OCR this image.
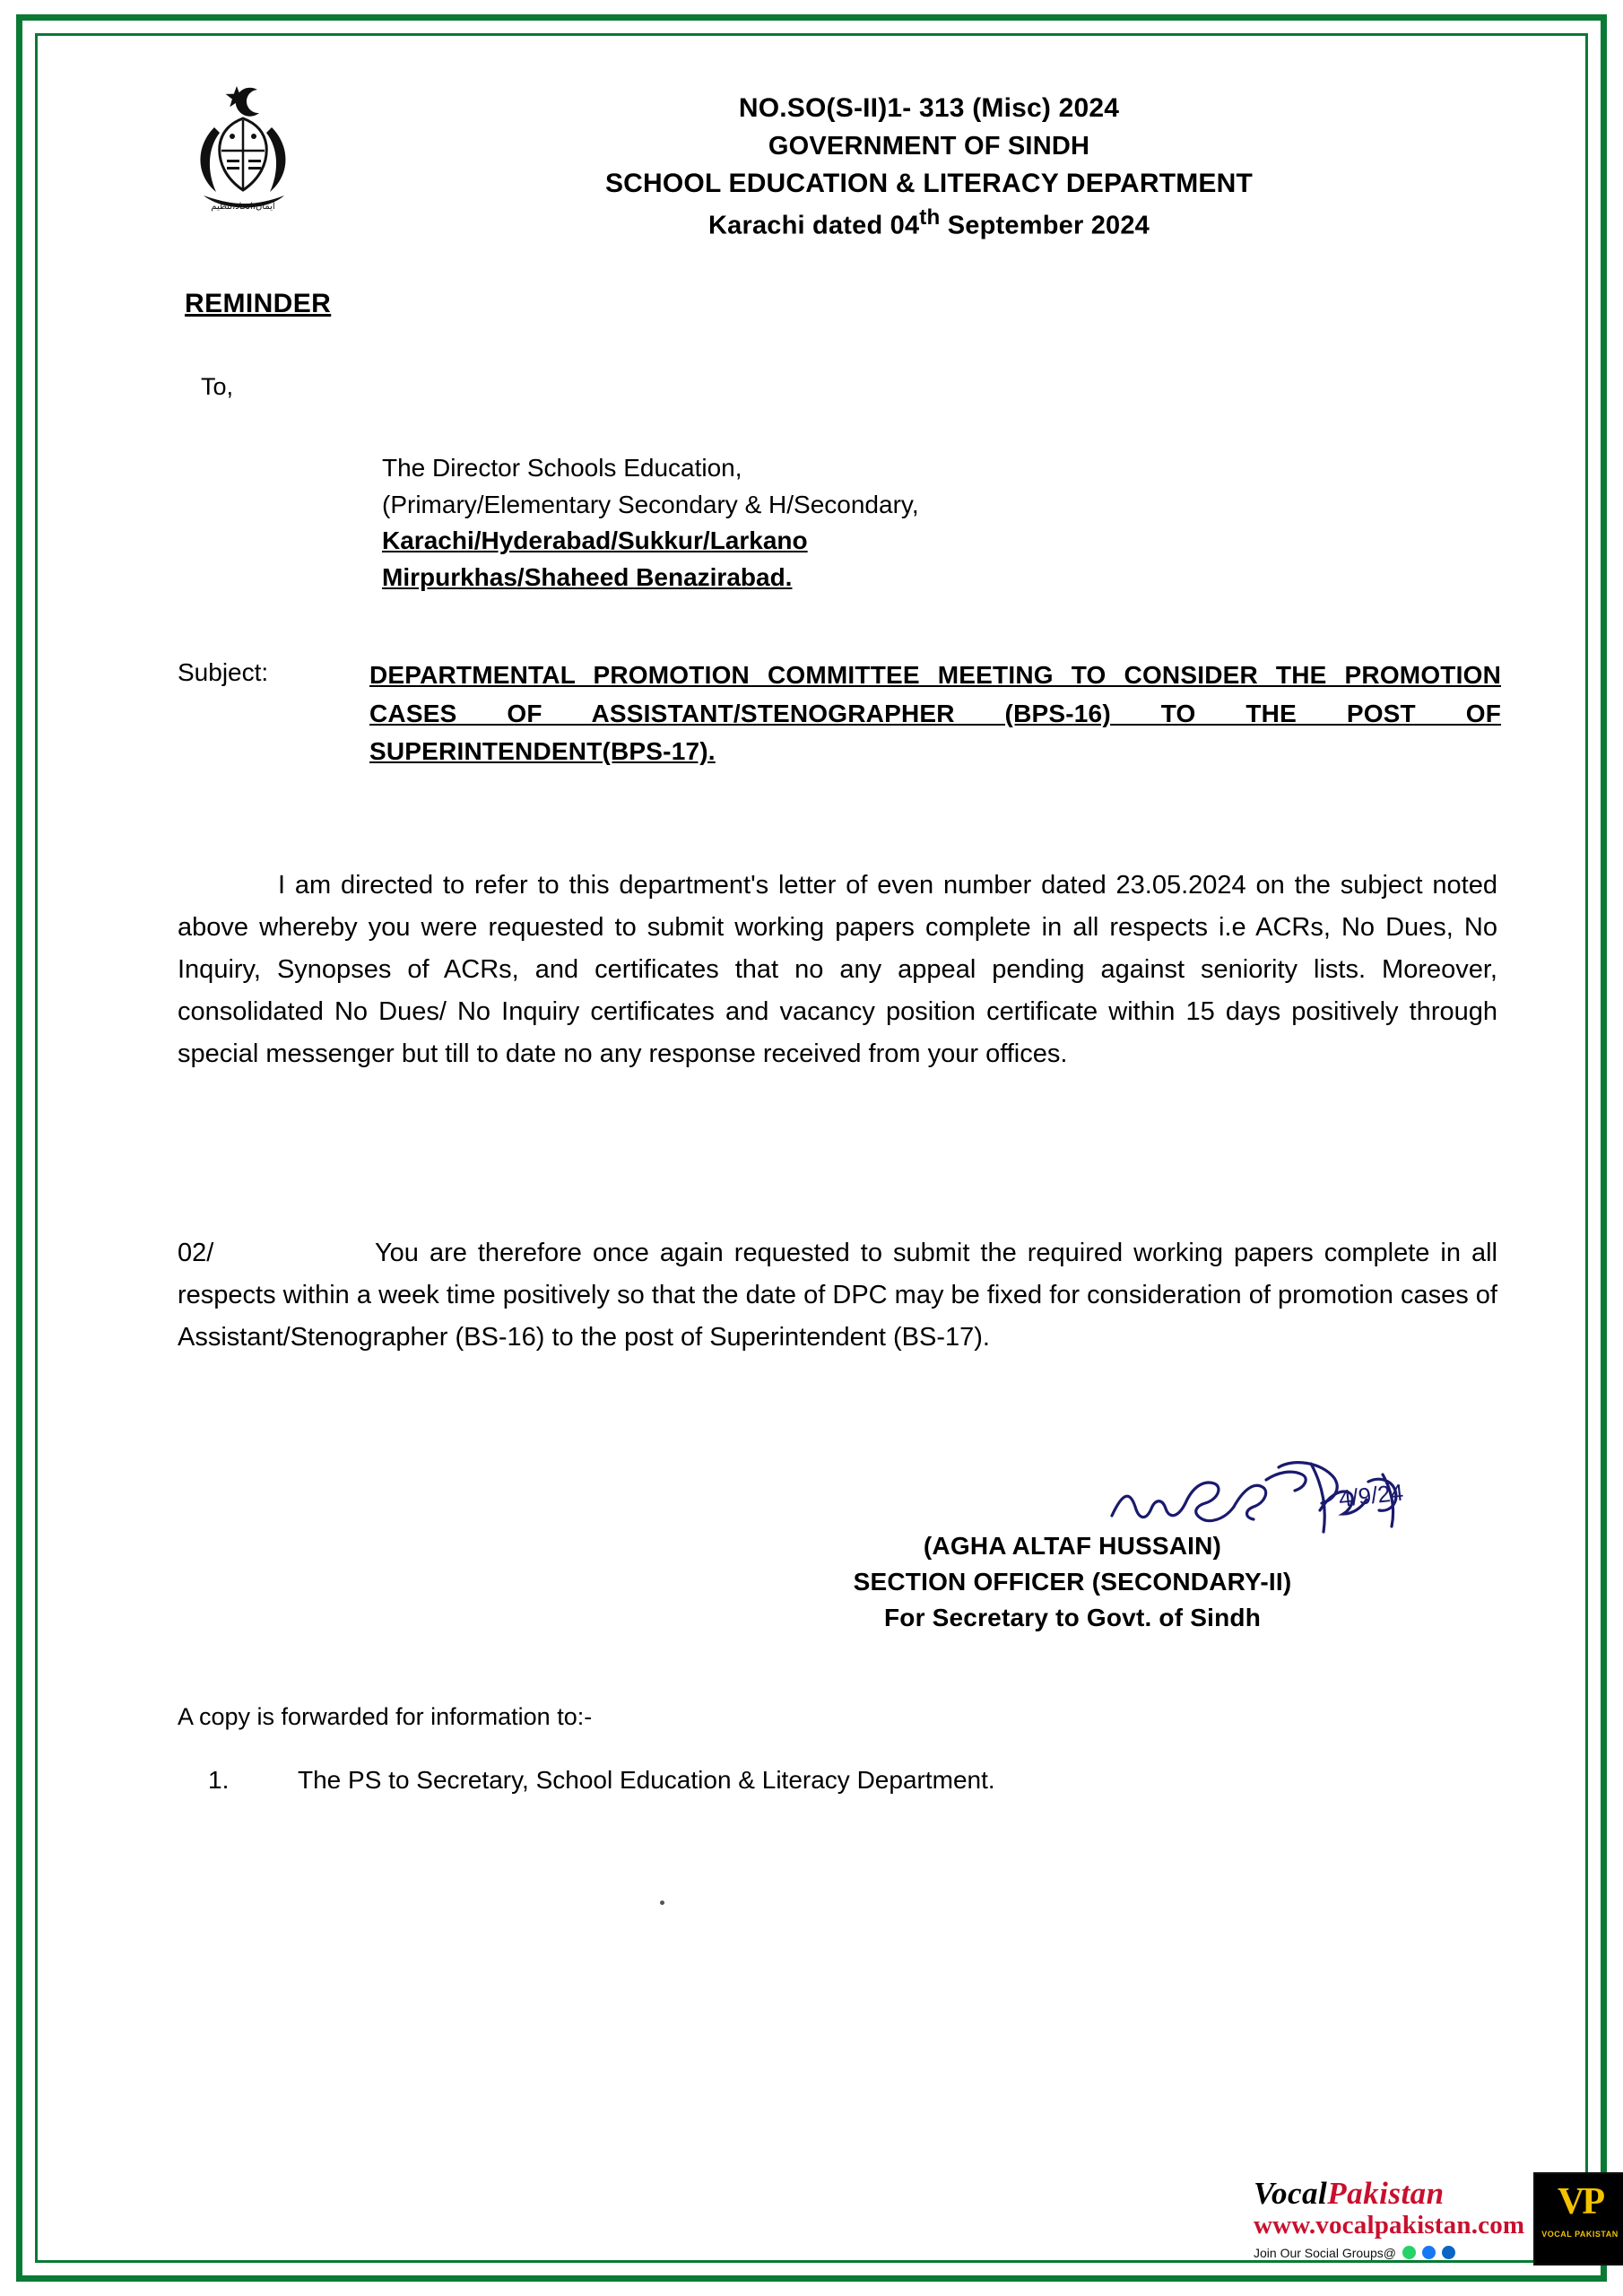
ایمان،اتحاد،تنظیم
NO.SO(S-II)1- 313 (Misc) 2024
GOVERNMENT OF SINDH
SCHOOL EDUCATION & LITERACY DEPARTMENT
Karachi dated 04th September 2024
REMINDER
To,
The Director Schools Education,
(Primary/Elementary Secondary & H/Secondary,
Karachi/Hyderabad/Sukkur/Larkano
Mirpurkhas/Shaheed Benazirabad.
Subject:	DEPARTMENTAL PROMOTION COMMITTEE MEETING TO CONSIDER THE PROMOTION CASES OF ASSISTANT/STENOGRAPHER (BPS-16) TO THE POST OF SUPERINTENDENT(BPS-17).
I am directed to refer to this department's letter of even number dated 23.05.2024 on the subject noted above whereby you were requested to submit working papers complete in all respects i.e ACRs, No Dues, No Inquiry, Synopses of ACRs, and certificates that no any appeal pending against seniority lists. Moreover, consolidated No Dues/ No Inquiry certificates and vacancy position certificate within 15 days positively through special messenger but till to date no any response received from your offices.
02/	You are therefore once again requested to submit the required working papers complete in all respects within a week time positively so that the date of DPC may be fixed for consideration of promotion cases of Assistant/Stenographer (BS-16) to the post of Superintendent (BS-17).
4/9/24
(AGHA ALTAF HUSSAIN)
SECTION OFFICER (SECONDARY-II)
For Secretary to Govt. of Sindh
A copy is forwarded for information to:-
1.	The PS to Secretary, School Education & Literacy Department.
VocalPakistan
www.vocalpakistan.com
Join Our Social Groups@
VP
VOCAL PAKISTAN
